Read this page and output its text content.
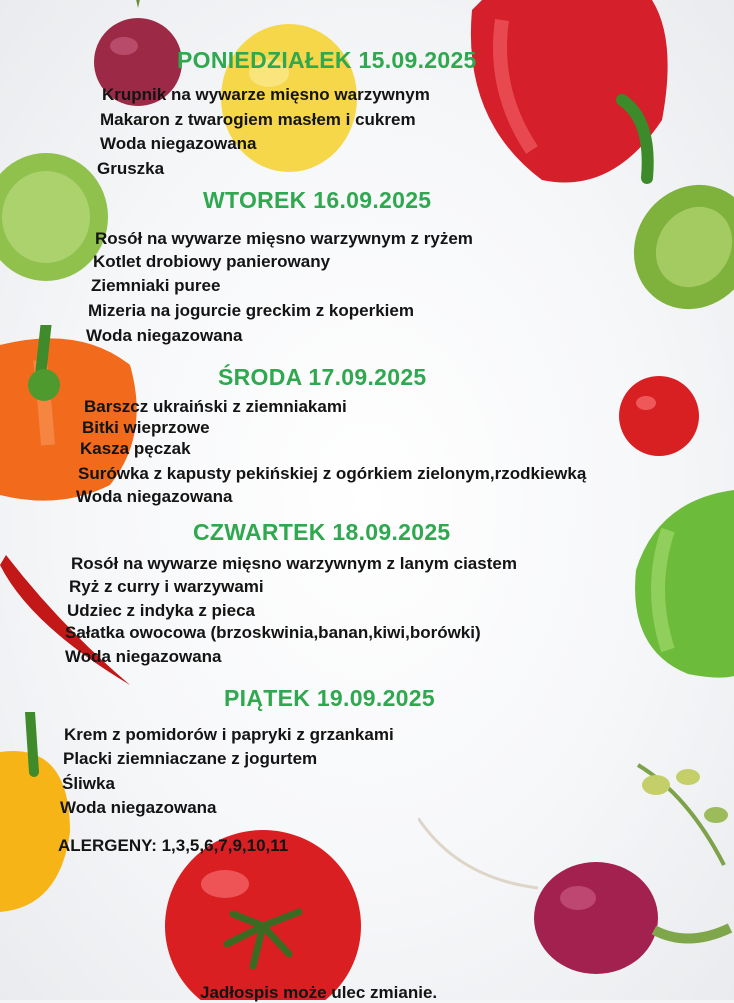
PONIEDZIAŁEK 15.09.2025
Krupnik na wywarze mięsno warzywnym
Makaron z twarogiem masłem i cukrem
Woda niegazowana
Gruszka
WTOREK 16.09.2025
Rosół na wywarze mięsno warzywnym z ryżem
Kotlet drobiowy panierowany
Ziemniaki puree
Mizeria na jogurcie greckim z koperkiem
Woda niegazowana
ŚRODA 17.09.2025
Barszcz ukraiński z ziemniakami
Bitki wieprzowe
Kasza pęczak
Surówka z kapusty pekińskiej z ogórkiem zielonym,rzodkiewką
Woda niegazowana
CZWARTEK 18.09.2025
Rosół na wywarze mięsno warzywnym z lanym ciastem
Ryż z curry i warzywami
Udziec z indyka z pieca
Sałatka owocowa (brzoskwinia,banan,kiwi,borówki)
Woda niegazowana
PIĄTEK 19.09.2025
Krem z pomidorów i papryki z grzankami
Placki ziemniaczane z jogurtem
Śliwka
Woda niegazowana
ALERGENY: 1,3,5,6,7,9,10,11
Jadłospis może ulec zmianie.
